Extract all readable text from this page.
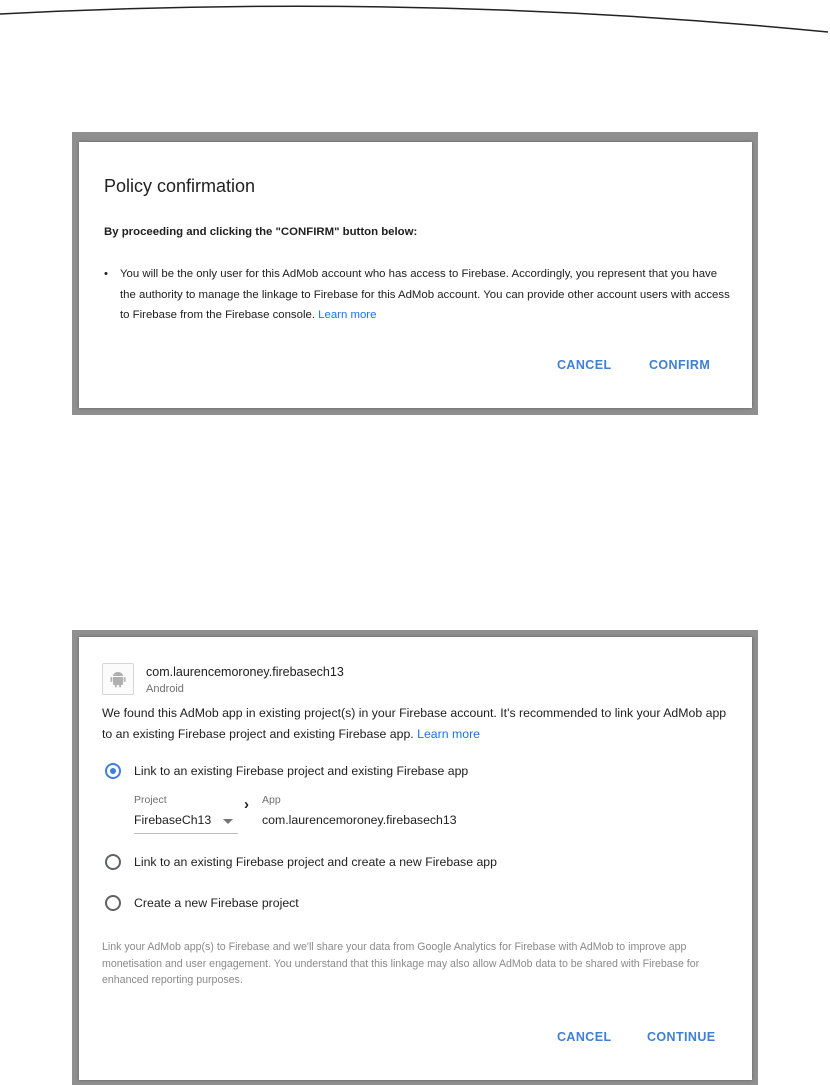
Policy confirmation
By proceeding and clicking the "CONFIRM" button below:
• You will be the only user for this AdMob account who has access to Firebase. Accordingly, you represent that you have the authority to manage the linkage to Firebase for this AdMob account. You can provide other account users with access to Firebase from the Firebase console. Learn more
CANCEL	CONFIRM
com.laurencemoroney.firebasech13
Android
We found this AdMob app in existing project(s) in your Firebase account. It's recommended to link your AdMob app to an existing Firebase project and existing Firebase app. Learn more
Link to an existing Firebase project and existing Firebase app
Project
FirebaseCh13
› App
com.laurencemoroney.firebasech13
Link to an existing Firebase project and create a new Firebase app
Create a new Firebase project
Link your AdMob app(s) to Firebase and we'll share your data from Google Analytics for Firebase with AdMob to improve app monetisation and user engagement. You understand that this linkage may also allow AdMob data to be shared with Firebase for enhanced reporting purposes.
CANCEL	CONTINUE
